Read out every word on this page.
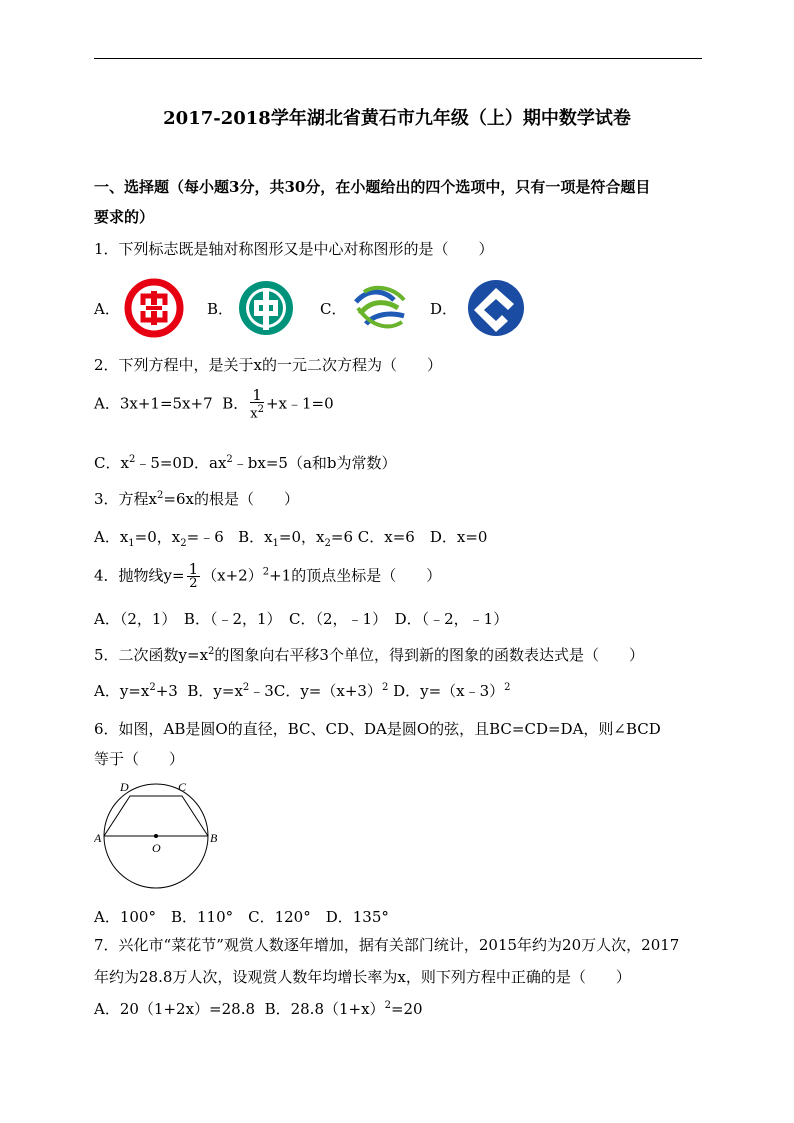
2017-2018学年湖北省黄石市九年级（上）期中数学试卷
一、选择题（每小题3分，共30分，在小题给出的四个选项中，只有一项是符合题目
要求的）
1．下列标志既是轴对称图形又是中心对称图形的是（　　）
A．	B．	C．	D．
2．下列方程中，是关于x的一元二次方程为（　　）
A．3x+1=5x+7 B． $\frac{1}{x^2}$ +x﹣1=0
C．$x^2﹣5=0D$．$ax^2﹣bx=5(a$和b为常数）
3．方程$x^2=6x$的根是（　　）
A．$x_1=0$，$x_2=﹣6$ B．$x_1=0$，$x_2=6$ C．x=6　D．x=0
4．抛物线$y= \frac{1}{2} (x+2)^2+1$的顶点坐标是（　　）
A．（2，1）　B．（﹣2，1）　C．（2，﹣1）　D．（﹣2，﹣1）
5．二次函数$y=x^2$的图象向右平移3个单位，得到新的图象的函数表达式是（　　）
A．$y=x^2+3$ B．$y=x^2﹣3C$．$y=(x+3)^2$ D．y=（x﹣3）$^2$
6．如图，AB是圆O的直径，BC、CD、DA是圆O的弦，且BC=CD=DA，则∠BCD
等于（　　）
A	B
C
D
O
A．100°　B．110°　C．120°　D．135°
7．兴化市“菜花节”观赏人数逐年增加，据有关部门统计，2015年约为20万人次，2017
年约为28.8万人次，设观赏人数年均增长率为x，则下列方程中正确的是（　　）
A．20（1+2x）=28.8 B．$28.8(1+x)^2=20$
